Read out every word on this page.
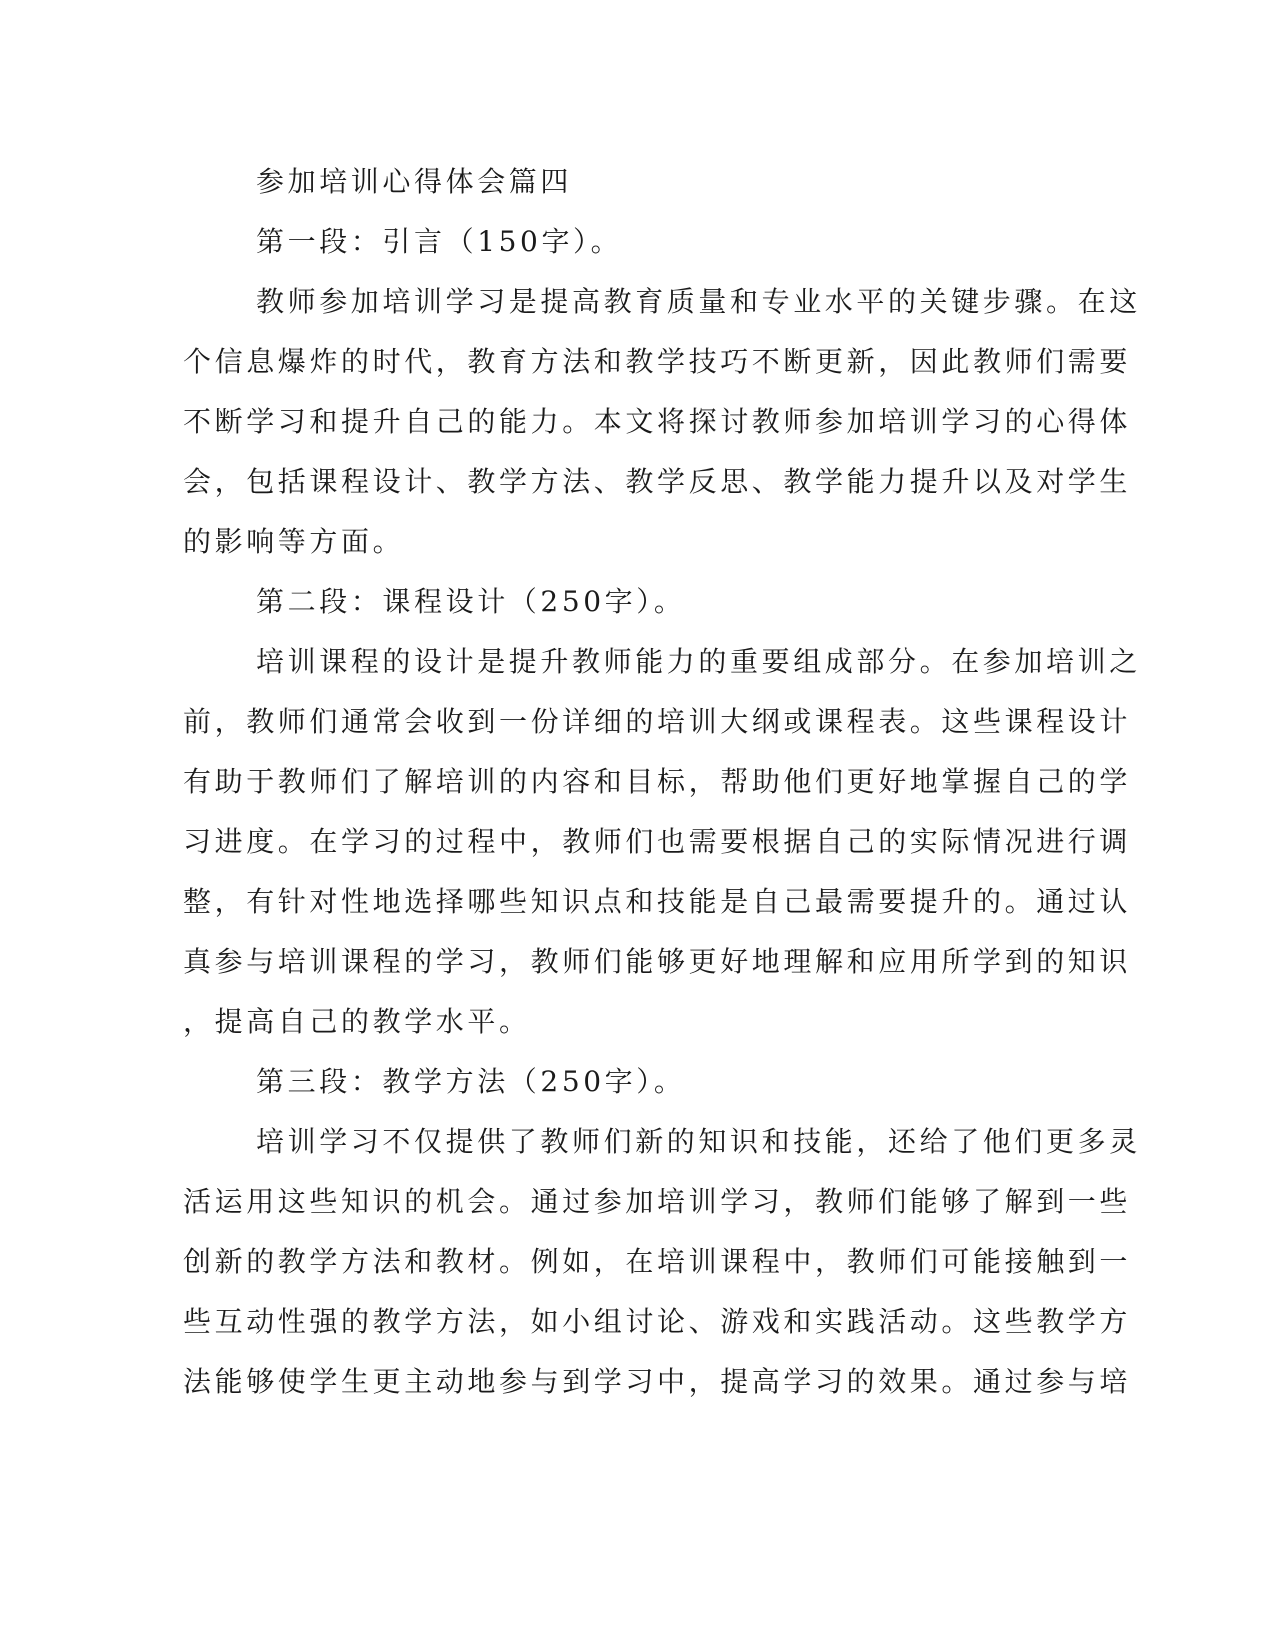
参加培训心得体会篇四
第一段：引言（150字）。
教师参加培训学习是提高教育质量和专业水平的关键步骤。在这
个信息爆炸的时代，教育方法和教学技巧不断更新，因此教师们需要
不断学习和提升自己的能力。本文将探讨教师参加培训学习的心得体
会，包括课程设计、教学方法、教学反思、教学能力提升以及对学生
的影响等方面。
第二段：课程设计（250字）。
培训课程的设计是提升教师能力的重要组成部分。在参加培训之
前，教师们通常会收到一份详细的培训大纲或课程表。这些课程设计
有助于教师们了解培训的内容和目标，帮助他们更好地掌握自己的学
习进度。在学习的过程中，教师们也需要根据自己的实际情况进行调
整，有针对性地选择哪些知识点和技能是自己最需要提升的。通过认
真参与培训课程的学习，教师们能够更好地理解和应用所学到的知识
，提高自己的教学水平。
第三段：教学方法（250字）。
培训学习不仅提供了教师们新的知识和技能，还给了他们更多灵
活运用这些知识的机会。通过参加培训学习，教师们能够了解到一些
创新的教学方法和教材。例如，在培训课程中，教师们可能接触到一
些互动性强的教学方法，如小组讨论、游戏和实践活动。这些教学方
法能够使学生更主动地参与到学习中，提高学习的效果。通过参与培
